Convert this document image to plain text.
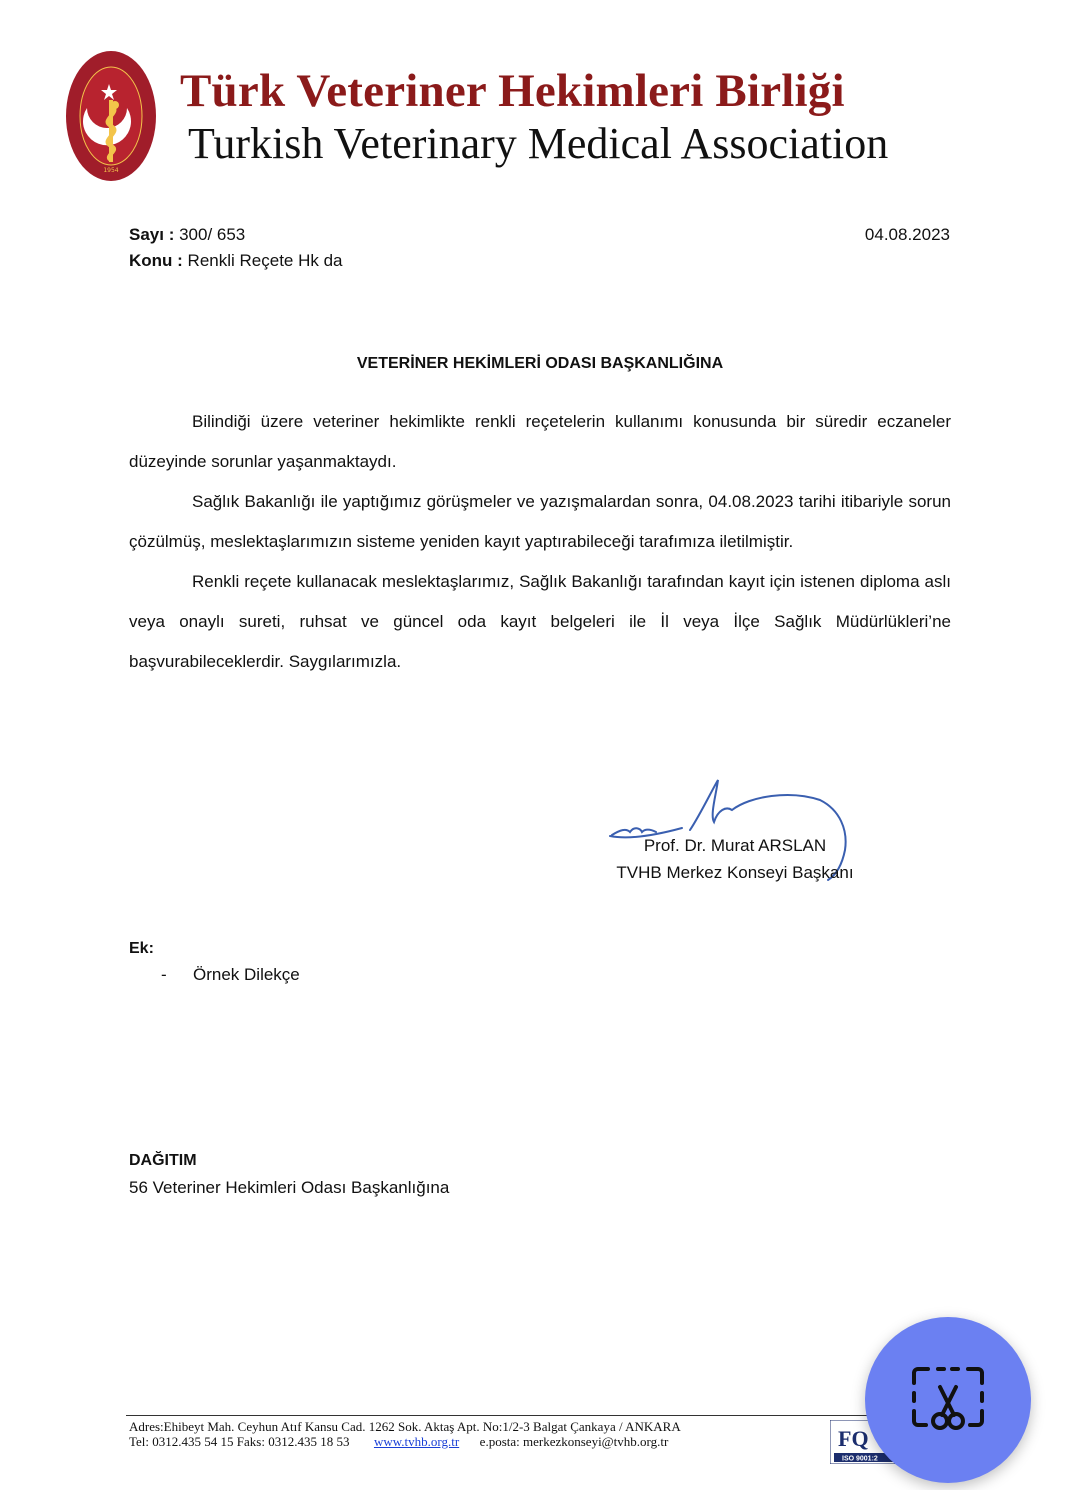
1954
Türk Veteriner Hekimleri Birliği
Turkish Veterinary Medical Association
Sayı : 300/ 653
Konu : Renkli Reçete Hk da
04.08.2023
VETERİNER HEKİMLERİ ODASI BAŞKANLIĞINA

Bilindiği üzere veteriner hekimlikte renkli reçetelerin kullanımı konusunda bir süredir eczaneler düzeyinde sorunlar yaşanmaktaydı.

Sağlık Bakanlığı ile yaptığımız görüşmeler ve yazışmalardan sonra, 04.08.2023 tarihi itibariyle sorun çözülmüş, meslektaşlarımızın sisteme yeniden kayıt yaptırabileceği tarafımıza iletilmiştir.

Renkli reçete kullanacak meslektaşlarımız, Sağlık Bakanlığı tarafından kayıt için istenen diploma aslı veya onaylı sureti, ruhsat ve güncel oda kayıt belgeleri ile İl veya İlçe Sağlık Müdürlükleri’ne başvurabileceklerdir. Saygılarımızla.

Prof. Dr. Murat ARSLAN
TVHB Merkez Konseyi Başkanı
Ek:
- Örnek Dilekçe
DAĞITIM
56 Veteriner Hekimleri Odası Başkanlığına
Adres:Ehibeyt Mah. Ceyhun Atıf Kansu Cad. 1262 Sok. Aktaş Apt. No:1/2-3 Balgat Çankaya / ANKARA
Tel: 0312.435 54 15 Faks: 0312.435 18 53 www.tvhb.org.tr e.posta: merkezkonseyi@tvhb.org.tr	FQ
ISO 9001:2
